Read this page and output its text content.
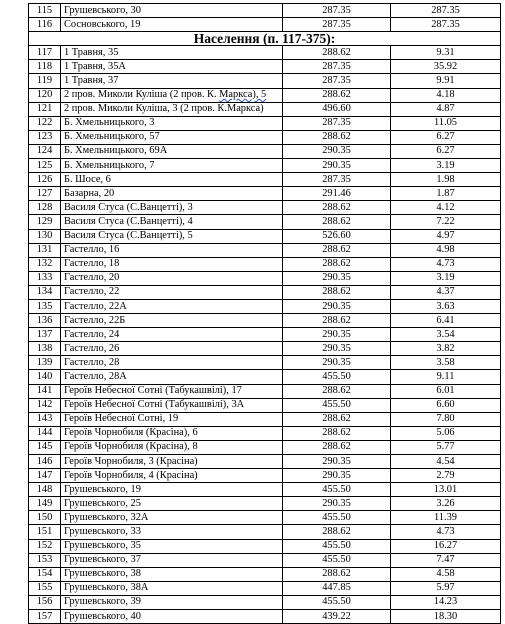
115	Грушевського, 30	287.35	287.35
116	Сосновського, 19	287.35	287.35
Населення (п. 117-375):			
117	1 Травня, 35	288.62	9.31
118	1 Травня, 35А	287.35	35.92
119	1 Травня, 37	287.35	9.91
120	2 пров. Миколи Куліша (2 пров. К. Маркса), 5	288.62	4.18
121	2 пров. Миколи Куліша, 3 (2 пров. К.Маркса)	496.60	4.87
122	Б. Хмельницького, 3	287.35	11.05
123	Б. Хмельницького, 57	288.62	6.27
124	Б. Хмельницького, 69А	290.35	6.27
125	Б. Хмельницького, 7	290.35	3.19
126	Б. Шосе, 6	287.35	1.98
127	Базарна, 20	291.46	1.87
128	Василя Стуса (С.Ванцетті), 3	288.62	4.12
129	Василя Стуса (С.Ванцетті), 4	288.62	7.22
130	Василя Стуса (С.Ванцетті), 5	526.60	4.97
131	Гастелло, 16	288.62	4.98
132	Гастелло, 18	288.62	4.73
133	Гастелло, 20	290.35	3.19
134	Гастелло, 22	288.62	4.37
135	Гастелло, 22А	290.35	3.63
136	Гастелло, 22Б	288.62	6.41
137	Гастелло, 24	290.35	3.54
138	Гастелло, 26	290.35	3.82
139	Гастелло, 28	290.35	3.58
140	Гастелло, 28А	455.50	9.11
141	Героїв Небесної Сотні (Табукашвілі), 17	288.62	6.01
142	Героїв Небесної Сотні (Табукашвілі), 3А	455.50	6.60
143	Героїв Небесної Сотні, 19	288.62	7.80
144	Героїв Чорнобиля (Красіна), 6	288.62	5.06
145	Героїв Чорнобиля (Красіна), 8	288.62	5.77
146	Героїв Чорнобиля, 3 (Красіна)	290.35	4.54
147	Героїв Чорнобиля, 4 (Красіна)	290.35	2.79
148	Грушевського, 19	455.50	13.01
149	Грушевського, 25	290.35	3.26
150	Грушевського, 32А	455.50	11.39
151	Грушевського, 33	288.62	4.73
152	Грушевського, 35	455.50	16.27
153	Грушевського, 37	455.50	7.47
154	Грушевського, 38	288.62	4.58
155	Грушевського, 38А	447.85	5.97
156	Грушевського, 39	455.50	14.23
157	Грушевського, 40	439.22	18.30
